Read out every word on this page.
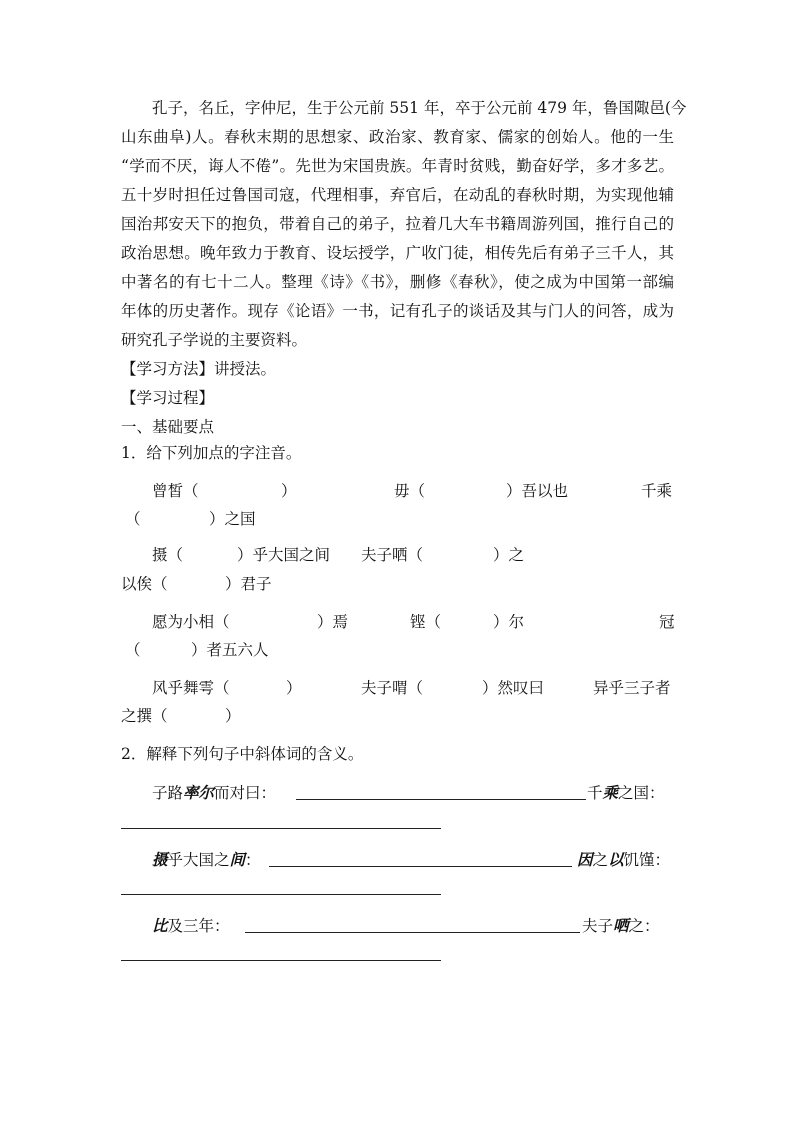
孔子，名丘，字仲尼，生于公元前 551 年，卒于公元前 479 年，鲁国陬邑(今
山东曲阜)人。春秋末期的思想家、政治家、教育家、儒家的创始人。他的一生
“学而不厌，诲人不倦”。先世为宋国贵族。年青时贫贱，勤奋好学，多才多艺。
五十岁时担任过鲁国司寇，代理相事，弃官后，在动乱的春秋时期，为实现他辅
国治邦安天下的抱负，带着自己的弟子，拉着几大车书籍周游列国，推行自己的
政治思想。晚年致力于教育、设坛授学，广收门徒，相传先后有弟子三千人，其
中著名的有七十二人。整理《诗》《书》，删修《春秋》，使之成为中国第一部编
年体的历史著作。现存《论语》一书，记有孔子的谈话及其与门人的问答，成为
研究孔子学说的主要资料。
【学习方法】讲授法。
【学习过程】
一、基础要点
1．给下列加点的字注音。
曾皙（	）	毋（	）吾以也	千乘
（	）之国
摄（	）乎大国之间 夫子哂（	）之
以俟（	）君子
愿为小相（	）焉	铿（	）尔	冠
（	）者五六人
风乎舞雩（	）	夫子喟（	）然叹曰	异乎三子者
之撰（	）
2．解释下列句子中斜体词的含义。
子路率尔而对曰：	千乘之国：
摄乎大国之间：	因之以饥馑：
比及三年：	夫子哂之：
